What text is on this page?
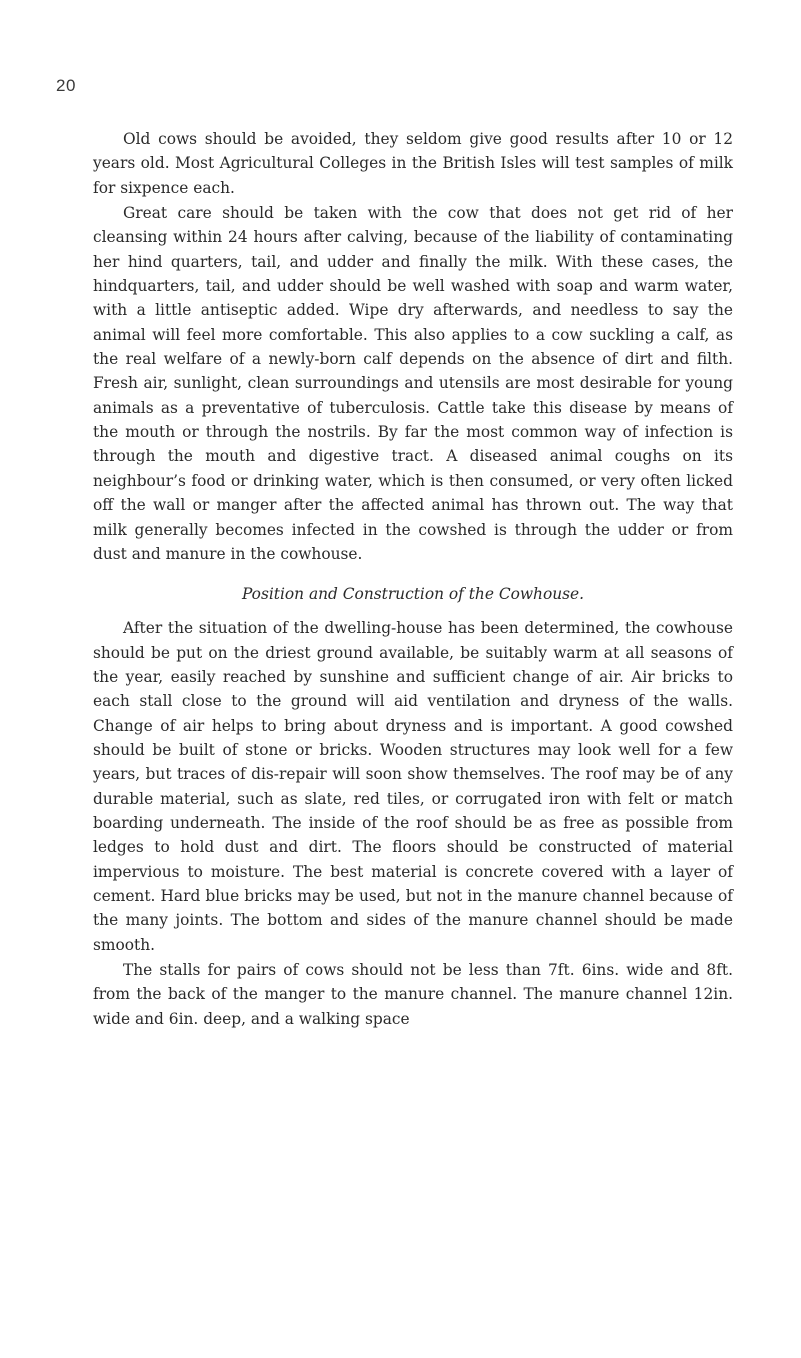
20

Old cows should be avoided, they seldom give good results after 10 or 12 years old. Most Agricultural Colleges in the British Isles will test samples of milk for sixpence each.

Great care should be taken with the cow that does not get rid of her cleansing within 24 hours after calving, because of the liability of contaminating her hind quarters, tail, and udder and finally the milk. With these cases, the hindquarters, tail, and udder should be well washed with soap and warm water, with a little antiseptic added. Wipe dry afterwards, and needless to say the animal will feel more comfortable. This also applies to a cow suckling a calf, as the real welfare of a newly-born calf depends on the absence of dirt and filth. Fresh air, sunlight, clean surroundings and utensils are most desirable for young animals as a preventative of tuberculosis. Cattle take this disease by means of the mouth or through the nostrils. By far the most common way of infection is through the mouth and digestive tract. A diseased animal coughs on its neighbour’s food or drinking water, which is then consumed, or very often licked off the wall or manger after the affected animal has thrown out. The way that milk generally becomes infected in the cowshed is through the udder or from dust and manure in the cowhouse.

Position and Construction of the Cowhouse.

After the situation of the dwelling-house has been determined, the cowhouse should be put on the driest ground available, be suitably warm at all seasons of the year, easily reached by sunshine and sufficient change of air. Air bricks to each stall close to the ground will aid ventilation and dryness of the walls. Change of air helps to bring about dryness and is important. A good cowshed should be built of stone or bricks. Wooden structures may look well for a few years, but traces of dis-repair will soon show themselves. The roof may be of any durable material, such as slate, red tiles, or corrugated iron with felt or match boarding underneath. The inside of the roof should be as free as possible from ledges to hold dust and dirt. The floors should be constructed of material impervious to moisture. The best material is concrete covered with a layer of cement. Hard blue bricks may be used, but not in the manure channel because of the many joints. The bottom and sides of the manure channel should be made smooth.

The stalls for pairs of cows should not be less than 7ft. 6ins. wide and 8ft. from the back of the manger to the manure channel. The manure channel 12in. wide and 6in. deep, and a walking space
